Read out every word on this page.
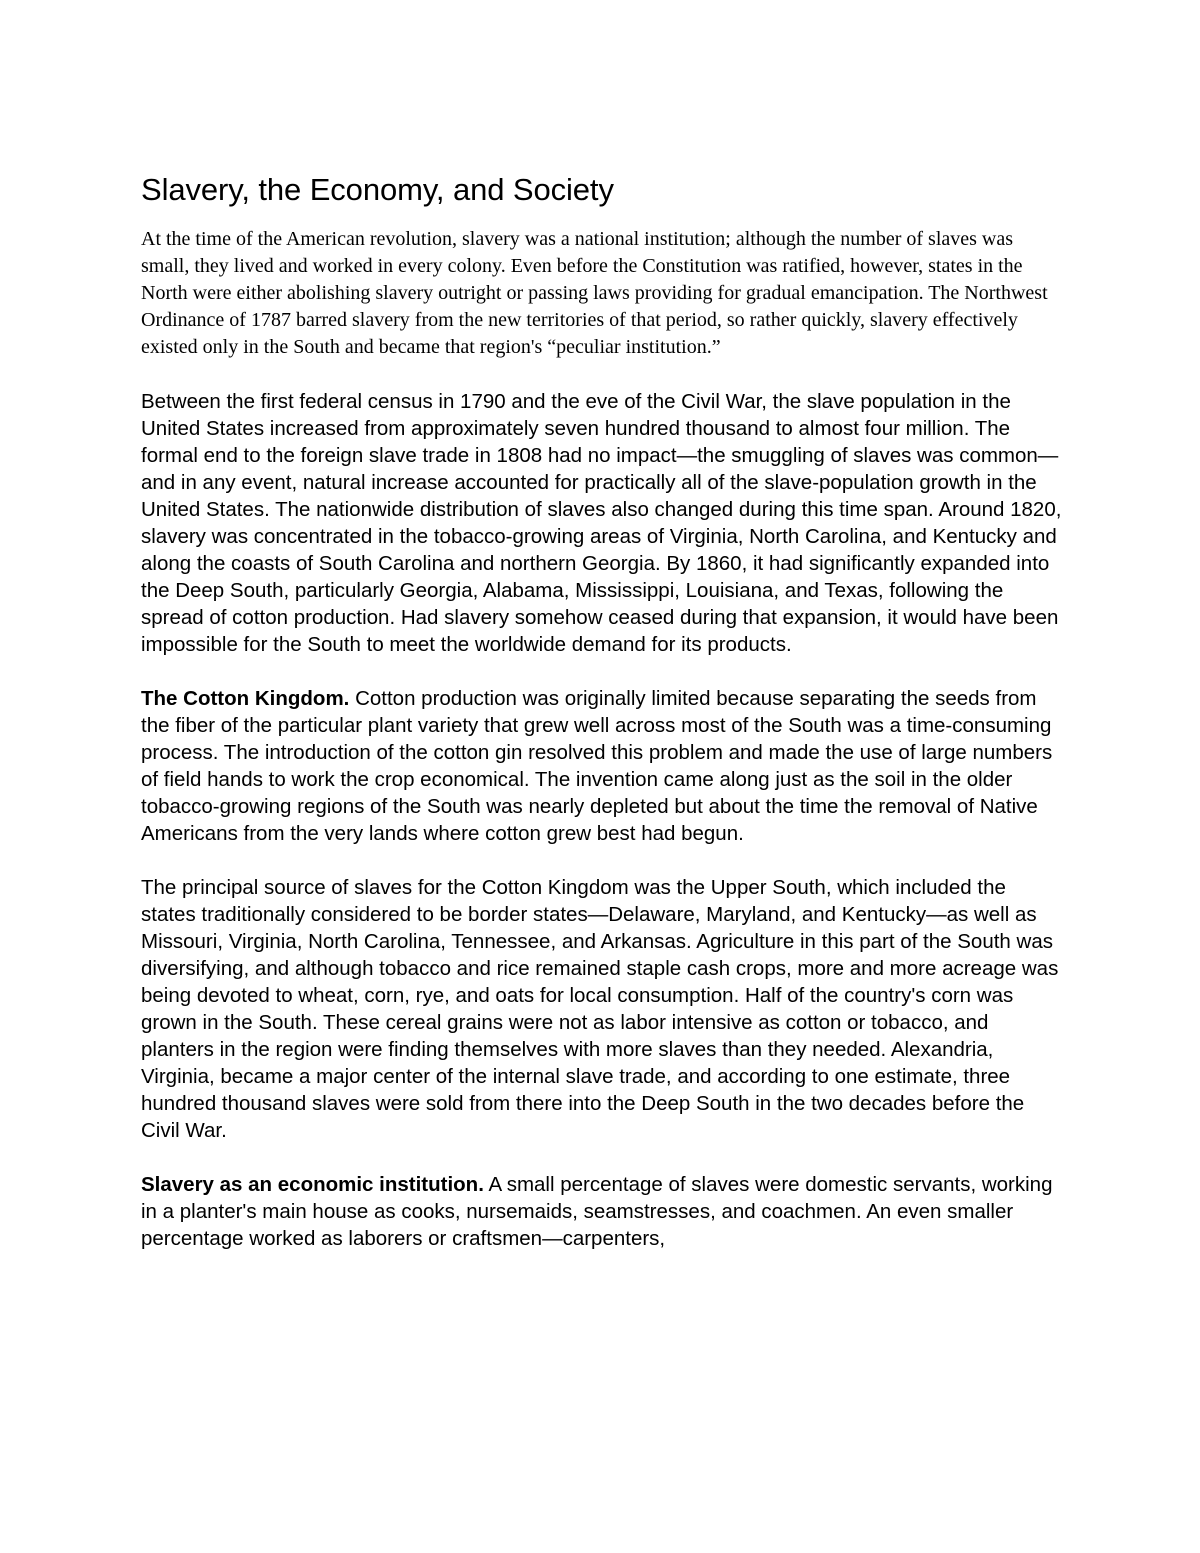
Slavery, the Economy, and Society

At the time of the American revolution, slavery was a national institution; although the number of slaves was small, they lived and worked in every colony. Even before the Constitution was ratified, however, states in the North were either abolishing slavery outright or passing laws providing for gradual emancipation. The Northwest Ordinance of 1787 barred slavery from the new territories of that period, so rather quickly, slavery effectively existed only in the South and became that region's “peculiar institution.”

Between the first federal census in 1790 and the eve of the Civil War, the slave population in the United States increased from approximately seven hundred thousand to almost four million. The formal end to the foreign slave trade in 1808 had no impact—the smuggling of slaves was common—and in any event, natural increase accounted for practically all of the slave-population growth in the United States. The nationwide distribution of slaves also changed during this time span. Around 1820, slavery was concentrated in the tobacco-growing areas of Virginia, North Carolina, and Kentucky and along the coasts of South Carolina and northern Georgia. By 1860, it had significantly expanded into the Deep South, particularly Georgia, Alabama, Mississippi, Louisiana, and Texas, following the spread of cotton production. Had slavery somehow ceased during that expansion, it would have been impossible for the South to meet the worldwide demand for its products.

The Cotton Kingdom. Cotton production was originally limited because separating the seeds from the fiber of the particular plant variety that grew well across most of the South was a time-consuming process. The introduction of the cotton gin resolved this problem and made the use of large numbers of field hands to work the crop economical. The invention came along just as the soil in the older tobacco-growing regions of the South was nearly depleted but about the time the removal of Native Americans from the very lands where cotton grew best had begun.

The principal source of slaves for the Cotton Kingdom was the Upper South, which included the states traditionally considered to be border states—Delaware, Maryland, and Kentucky—as well as Missouri, Virginia, North Carolina, Tennessee, and Arkansas. Agriculture in this part of the South was diversifying, and although tobacco and rice remained staple cash crops, more and more acreage was being devoted to wheat, corn, rye, and oats for local consumption. Half of the country's corn was grown in the South. These cereal grains were not as labor intensive as cotton or tobacco, and planters in the region were finding themselves with more slaves than they needed. Alexandria, Virginia, became a major center of the internal slave trade, and according to one estimate, three hundred thousand slaves were sold from there into the Deep South in the two decades before the Civil War.

Slavery as an economic institution. A small percentage of slaves were domestic servants, working in a planter's main house as cooks, nursemaids, seamstresses, and coachmen. An even smaller percentage worked as laborers or craftsmen—carpenters,
